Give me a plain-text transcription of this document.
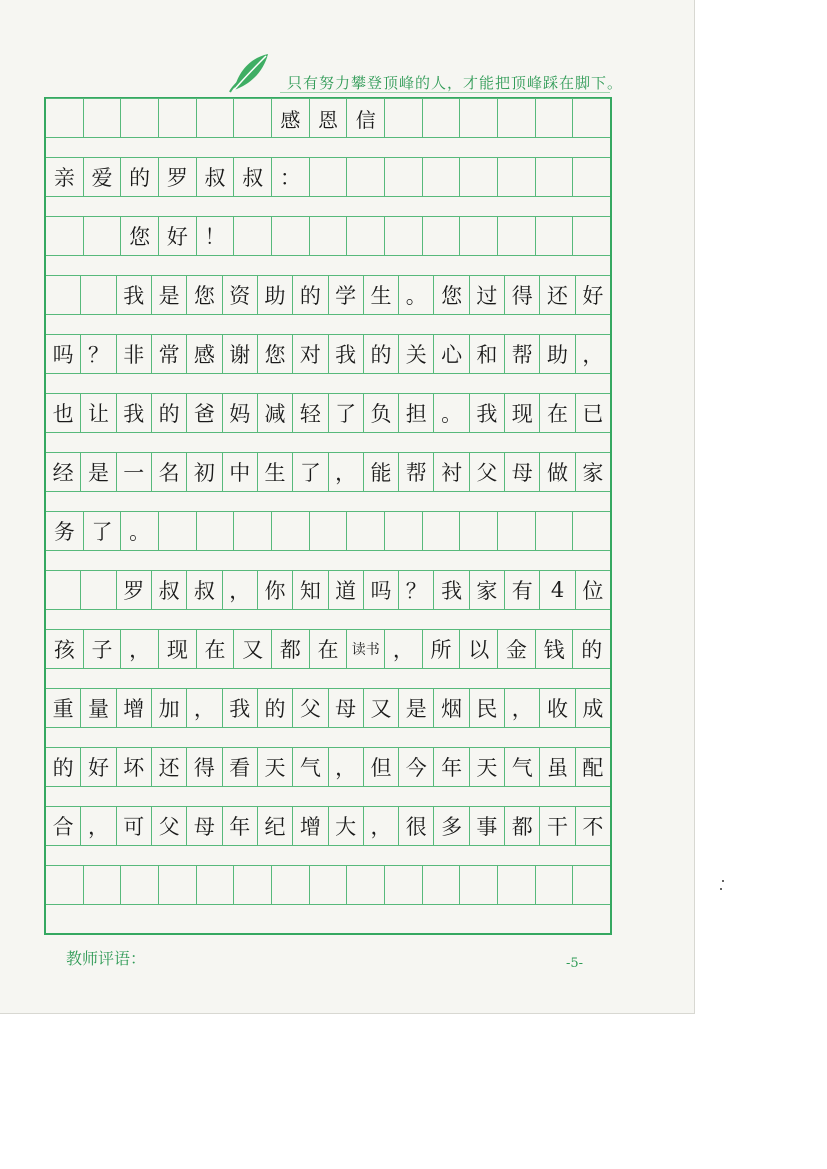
只有努力攀登顶峰的人，才能把顶峰踩在脚下。
感 恩 信
亲 爱 的 罗 叔 叔 ：
您 好 ！
我 是 您 资 助 的 学 生 。 您 过 得 还 好
吗 ？ 非 常 感 谢 您 对 我 的 关 心 和 帮 助 ，
也 让 我 的 爸 妈 减 轻 了 负 担 。 我 现 在 已
经 是 一 名 初 中 生 了 ， 能 帮 衬 父 母 做 家
务 了 。
罗 叔 叔 ， 你 知 道 吗 ？ 我 家 有 4 位
孩 子 ， 现 在 又 都 在 读书 ， 所 以 金 钱 的
重 量 增 加 ， 我 的 父 母 又 是 烟 民 ， 收 成
的 好 坏 还 得 看 天 气 ， 但 今 年 天 气 虽 配
合 ， 可 父 母 年 纪 增 大 ， 很 多 事 都 干 不
教师评语：	-5-
